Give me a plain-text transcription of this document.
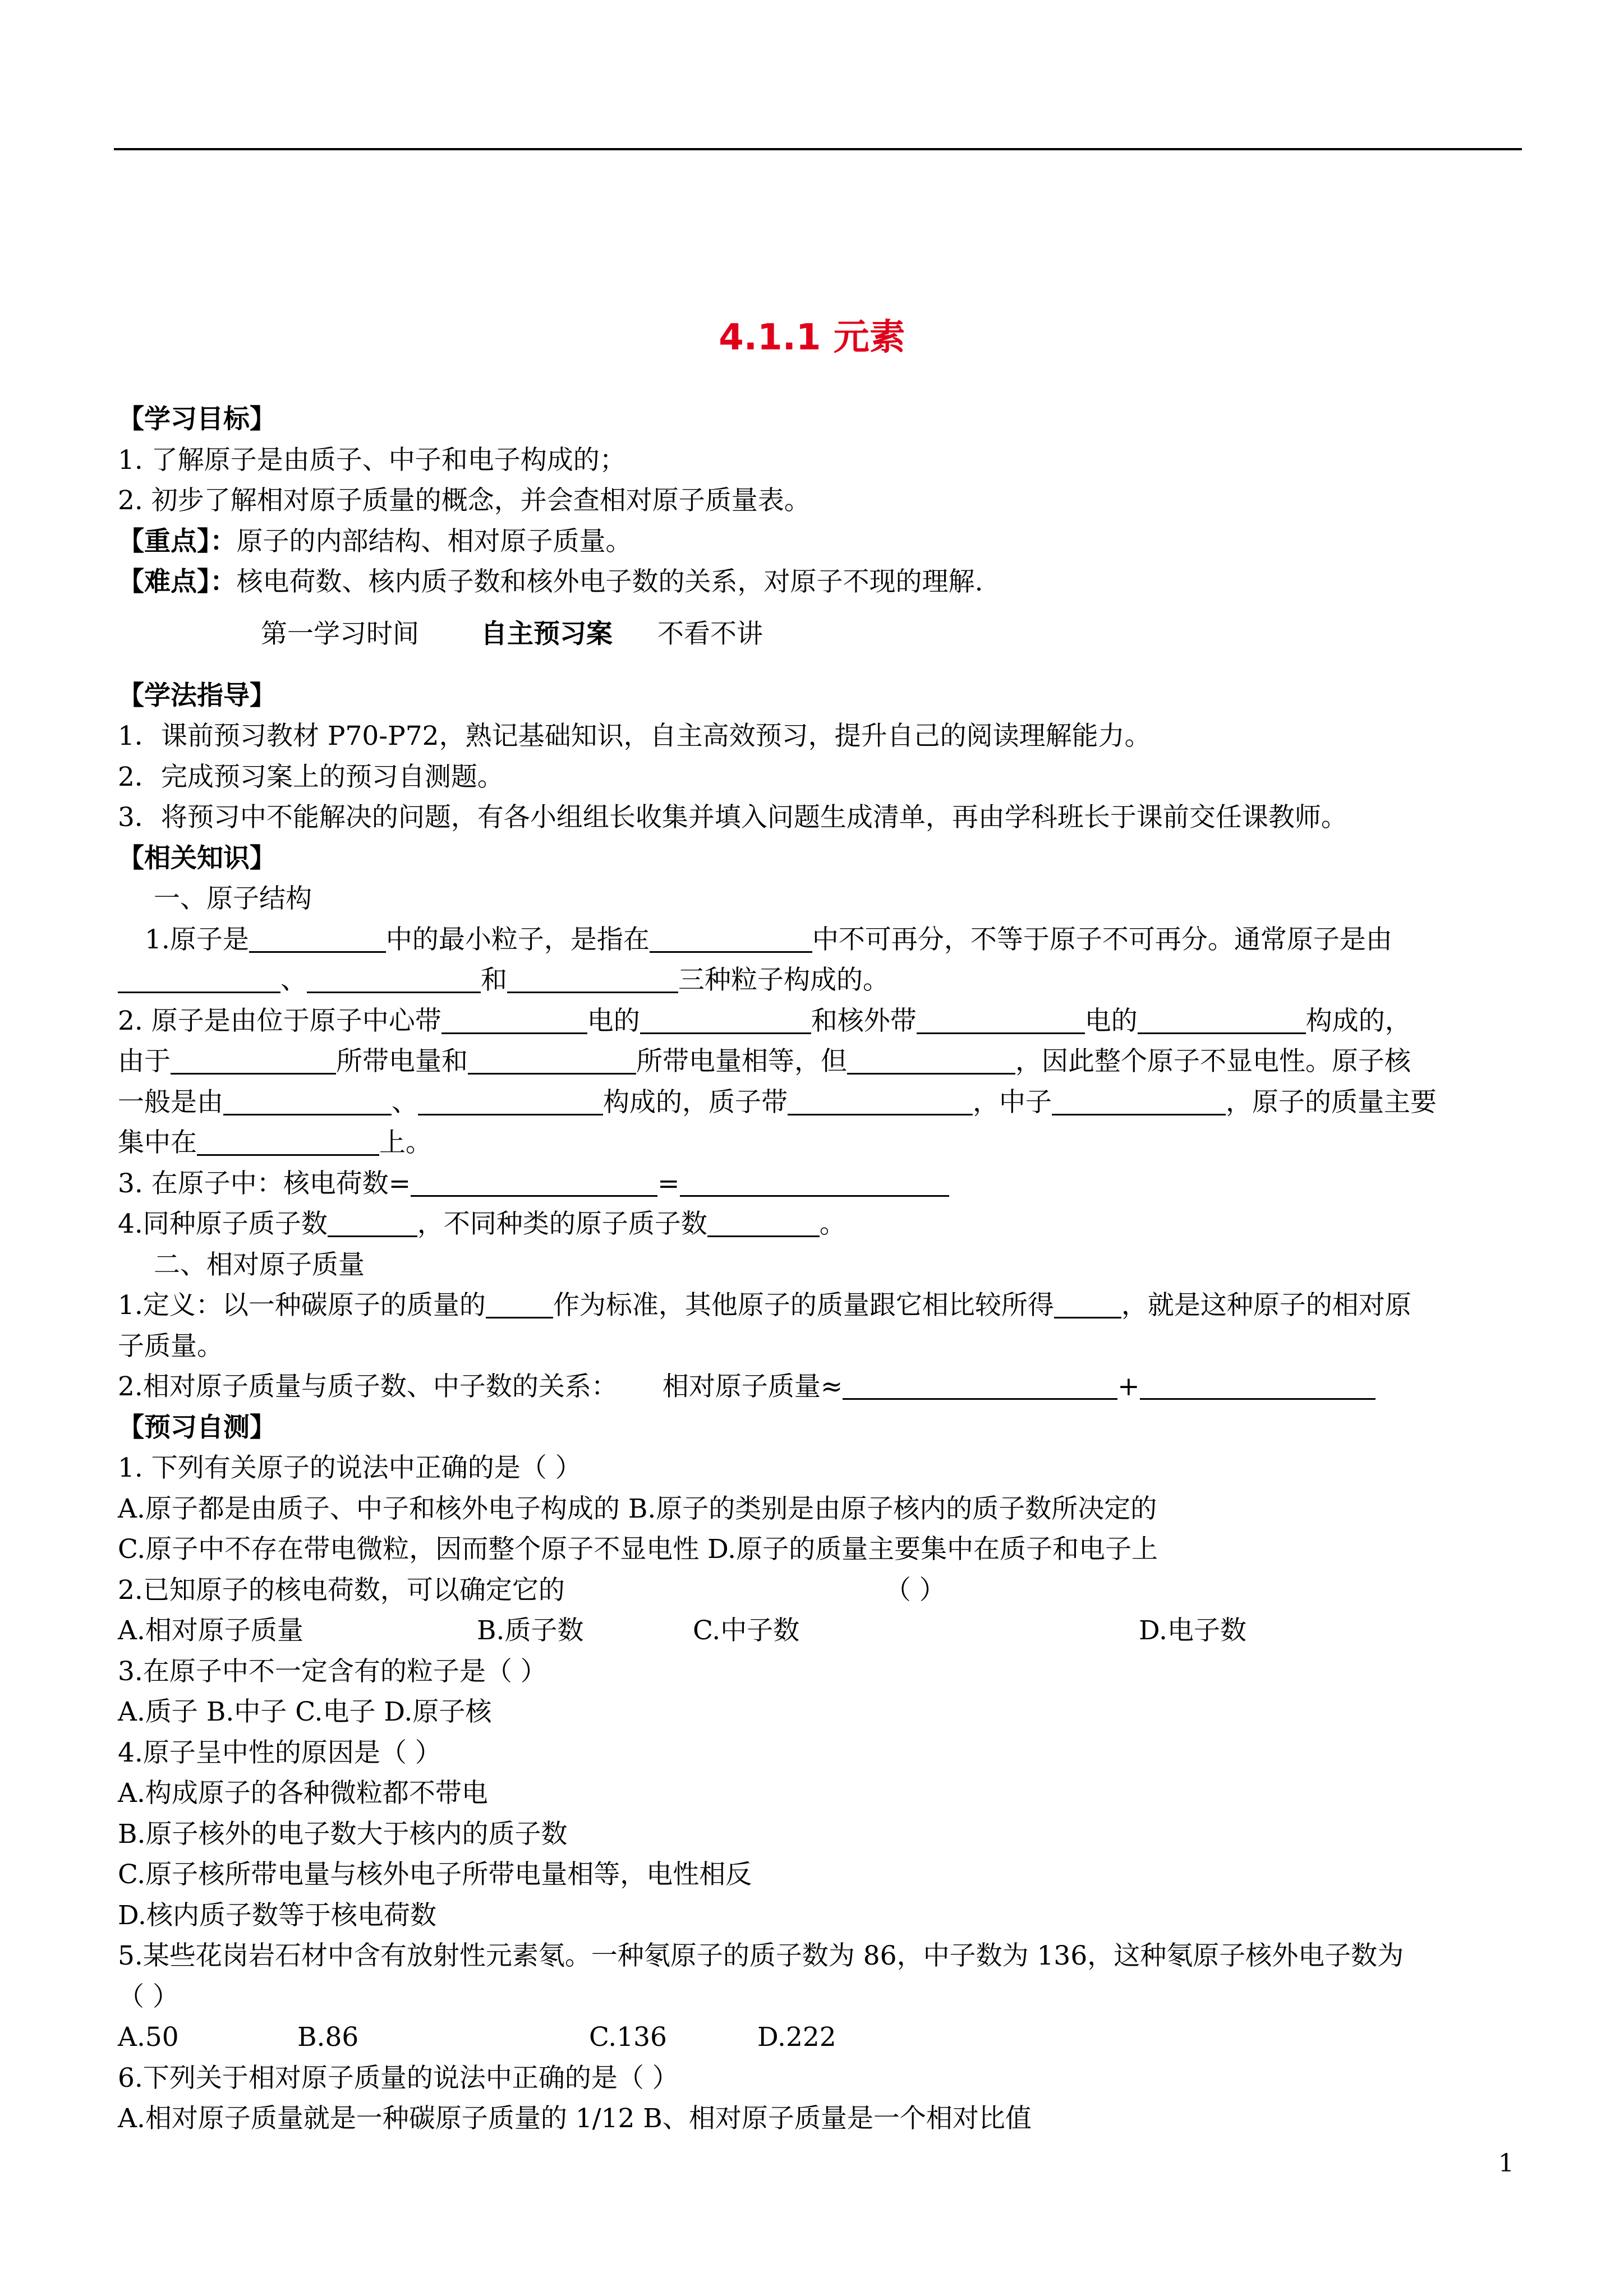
4.1.1 元素
【学习目标】
1. 了解原子是由质子、中子和电子构成的；
2. 初步了解相对原子质量的概念，并会查相对原子质量表。
【重点】：原子的内部结构、相对原子质量。
【难点】：核电荷数、核内质子数和核外电子数的关系，对原子不现的理解.
第一学习时间 自主预习案 不看不讲
【学法指导】
1．课前预习教材 P70-P72，熟记基础知识，自主高效预习，提升自己的阅读理解能力。
2．完成预习案上的预习自测题。
3．将预习中不能解决的问题，有各小组组长收集并填入问题生成清单，再由学科班长于课前交任课教师。
【相关知识】
一、原子结构
1.原子是	中的最小粒子，是指在	中不可再分，不等于原子不可再分。通常原子是由
、	和	三种粒子构成的。
2. 原子是由位于原子中心带	电的	和核外带	电的	构成的，
由于	所带电量和	所带电量相等，但	，因此整个原子不显电性。原子核
一般是由	、	构成的，质子带	，中子	，原子的质量主要
集中在	上。
3. 在原子中：核电荷数=	=
4.同种原子质子数	，不同种类的原子质子数	。
二、相对原子质量
1.定义：以一种碳原子的质量的	作为标准，其他原子的质量跟它相比较所得	，就是这种原子的相对原
子质量。
2.相对原子质量与质子数、中子数的关系： 相对原子质量≈	+
【预习自测】
1. 下列有关原子的说法中正确的是（ ）
A.原子都是由质子、中子和核外电子构成的 B.原子的类别是由原子核内的质子数所决定的
C.原子中不存在带电微粒，因而整个原子不显电性 D.原子的质量主要集中在质子和电子上
2.已知原子的核电荷数，可以确定它的	（ ）
A.相对原子质量	B.质子数	C.中子数	D.电子数
3.在原子中不一定含有的粒子是（ ）
A.质子 B.中子 C.电子 D.原子核
4.原子呈中性的原因是（ ）
A.构成原子的各种微粒都不带电
B.原子核外的电子数大于核内的质子数
C.原子核所带电量与核外电子所带电量相等，电性相反
D.核内质子数等于核电荷数
5.某些花岗岩石材中含有放射性元素氡。一种氡原子的质子数为 86，中子数为 136，这种氡原子核外电子数为
（ ）
A.50	B.86	C.136	D.222
6.下列关于相对原子质量的说法中正确的是（ ）
A.相对原子质量就是一种碳原子质量的 1/12 B、相对原子质量是一个相对比值
1
